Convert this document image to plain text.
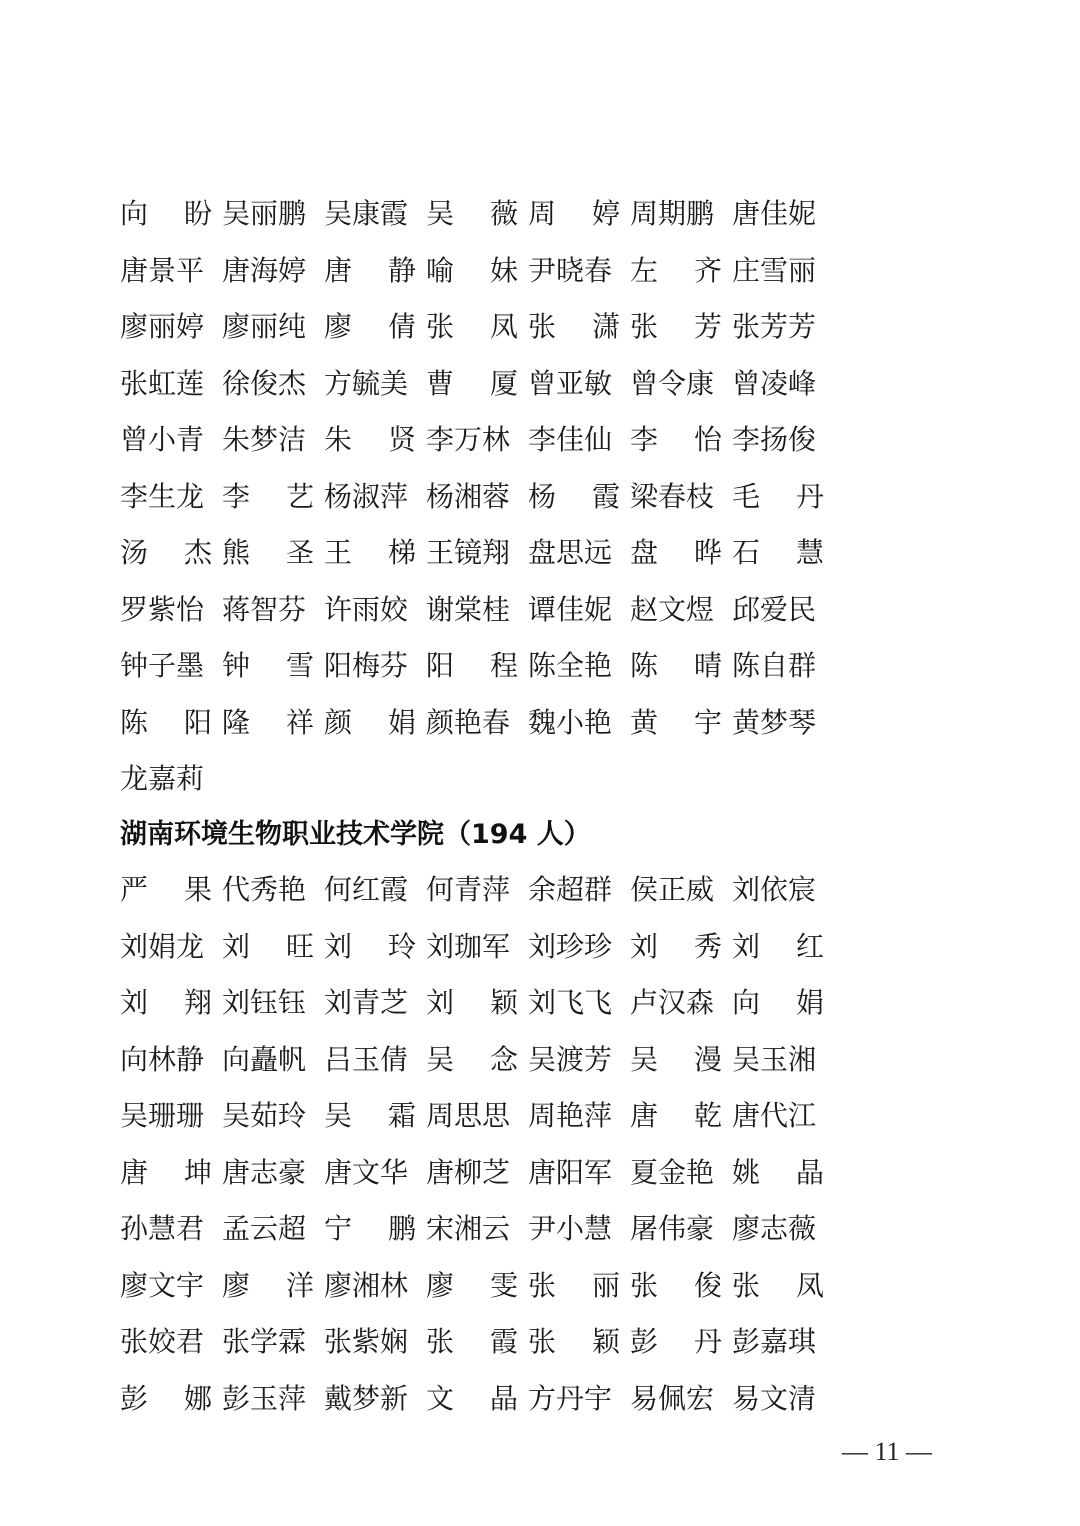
向 盼 吴丽鹏 吴康霞 吴 薇 周 婷 周期鹏 唐佳妮
唐景平 唐海婷 唐 静 喻 妹 尹晓春 左 齐 庄雪丽
廖丽婷 廖丽纯 廖 倩 张 凤 张 潇 张 芳 张芳芳
张虹莲 徐俊杰 方毓美 曹 厦 曾亚敏 曾令康 曾凌峰
曾小青 朱梦洁 朱 贤 李万林 李佳仙 李 怡 李扬俊
李生龙 李 艺 杨淑萍 杨湘蓉 杨 霞 梁春枝 毛 丹
汤 杰 熊 圣 王 梯 王镜翔 盘思远 盘 晔 石 慧
罗紫怡 蒋智芬 许雨姣 谢棠桂 谭佳妮 赵文煜 邱爱民
钟子墨 钟 雪 阳梅芬 阳 程 陈全艳 陈 晴 陈自群
陈 阳 隆 祥 颜 娟 颜艳春 魏小艳 黄 宇 黄梦琴
龙嘉莉
湖南环境生物职业技术学院（194 人）
严 果 代秀艳 何红霞 何青萍 余超群 侯正威 刘依宸
刘娟龙 刘 旺 刘 玲 刘珈军 刘珍珍 刘 秀 刘 红
刘 翔 刘钰钰 刘青芝 刘 颖 刘飞飞 卢汉森 向 娟
向林静 向矗帆 吕玉倩 吴 念 吴渡芳 吴 漫 吴玉湘
吴珊珊 吴茹玲 吴 霜 周思思 周艳萍 唐 乾 唐代江
唐 坤 唐志豪 唐文华 唐柳芝 唐阳军 夏金艳 姚 晶
孙慧君 孟云超 宁 鹏 宋湘云 尹小慧 屠伟豪 廖志薇
廖文宇 廖 洋 廖湘林 廖 雯 张 丽 张 俊 张 凤
张姣君 张学霖 张紫娴 张 霞 张 颖 彭 丹 彭嘉琪
彭 娜 彭玉萍 戴梦新 文 晶 方丹宇 易佩宏 易文清
— 11 —
